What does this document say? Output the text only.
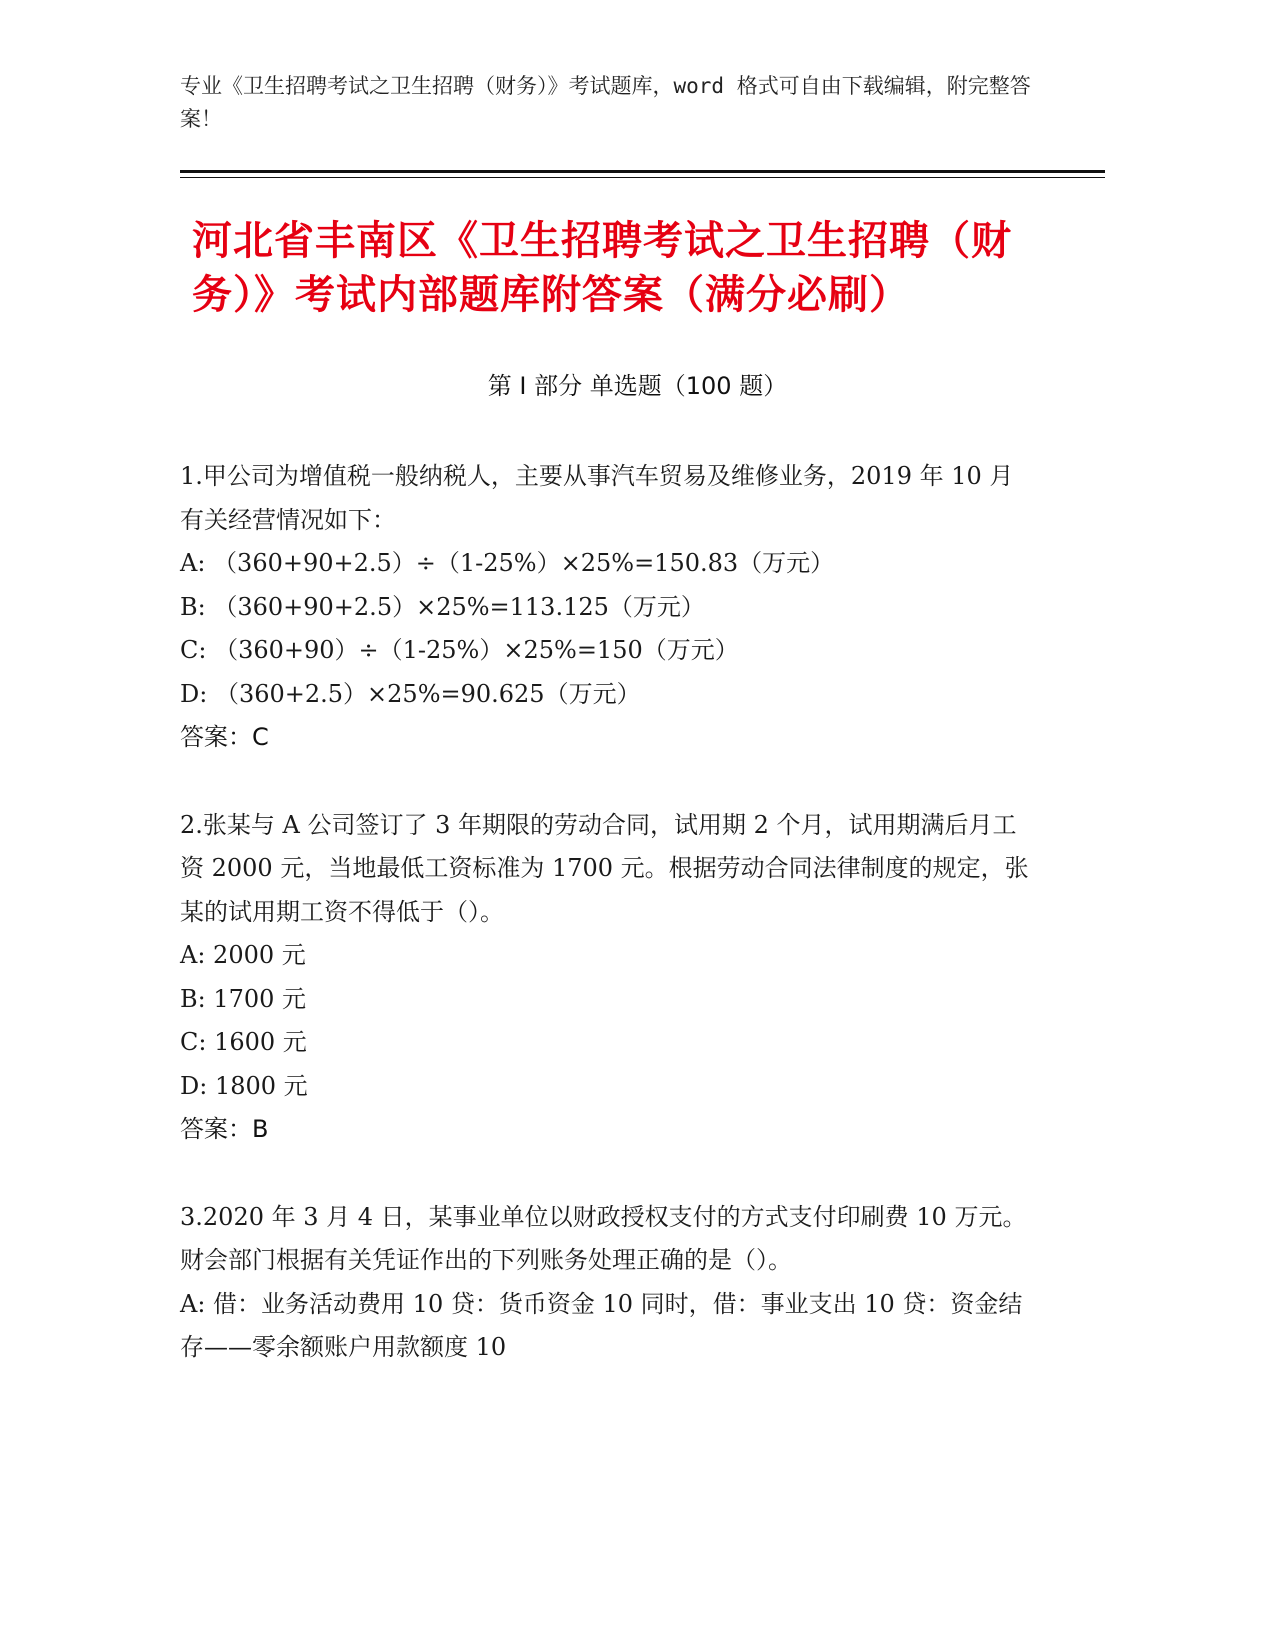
专业《卫生招聘考试之卫生招聘（财务）》考试题库，word 格式可自由下载编辑，附完整答案！
河北省丰南区《卫生招聘考试之卫生招聘（财务）》考试内部题库附答案（满分必刷）
第 I 部分 单选题（100 题）
1.甲公司为增值税一般纳税人，主要从事汽车贸易及维修业务，2019 年 10 月有关经营情况如下：
A: （360+90+2.5）÷（1-25%）×25%=150.83（万元）
B: （360+90+2.5）×25%=113.125（万元）
C: （360+90）÷（1-25%）×25%=150（万元）
D: （360+2.5）×25%=90.625（万元）
答案：C
2.张某与 A 公司签订了 3 年期限的劳动合同，试用期 2 个月，试用期满后月工资 2000 元，当地最低工资标准为 1700 元。根据劳动合同法律制度的规定，张某的试用期工资不得低于（）。
A: 2000 元
B: 1700 元
C: 1600 元
D: 1800 元
答案：B
3.2020 年 3 月 4 日，某事业单位以财政授权支付的方式支付印刷费 10 万元。财会部门根据有关凭证作出的下列账务处理正确的是（）。
A: 借：业务活动费用 10 贷：货币资金 10 同时，借：事业支出 10 贷：资金结存——零余额账户用款额度 10
